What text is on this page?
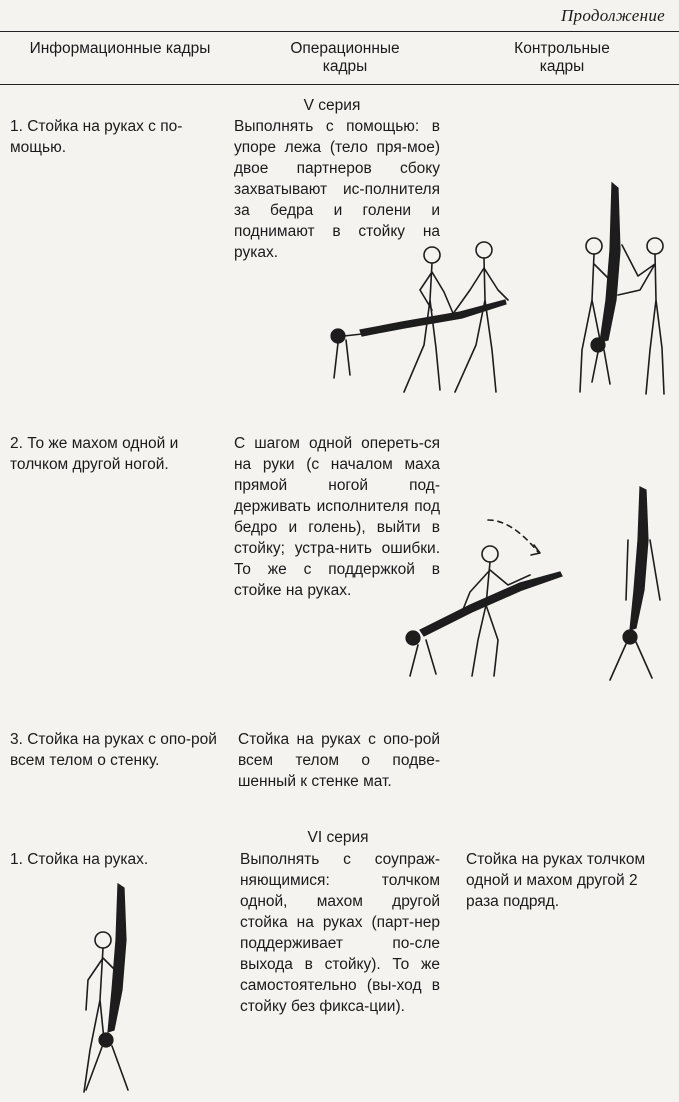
Продолжение
Информационные кадры	Операционные кадры
Контрольные кадры
V серия
1. Стойка на руках с по-мощью.
Выполнять с помощью: в упоре лежа (тело пря-мое) двое партнеров сбоку захватывают ис-полнителя за бедра и голени и поднимают в стойку на руках.
2. То же махом одной и толчком другой ногой.
С шагом одной опереть-ся на руки (с началом маха прямой ногой под-держивать исполнителя под бедро и голень), выйти в стойку; устра-нить ошибки. То же с поддержкой в стойке на руках.
3. Стойка на руках с опо-рой всем телом о стенку.
Стойка на руках с опо-рой всем телом о подве-шенный к стенке мат.
VI серия
1. Стойка на руках.	Выполнять с соупраж-няющимися: толчком одной, махом другой стойка на руках (парт-нер поддерживает по-сле выхода в стойку). То же самостоятельно (вы-ход в стойку без фикса-ции).
Стойка на руках толчком одной и махом другой 2 раза подряд.
